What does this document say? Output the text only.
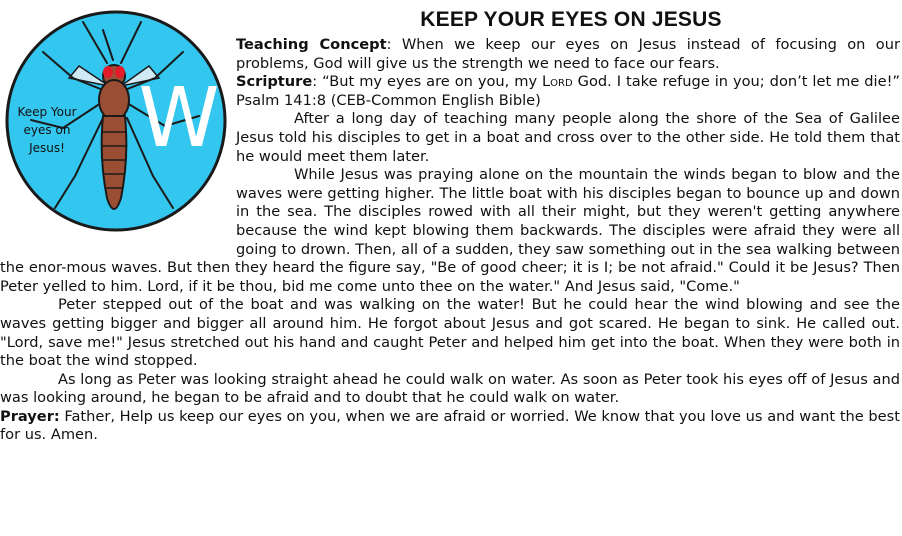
KEEP YOUR EYES ON JESUS
W
Keep Your
eyes on
Jesus!

Teaching Concept: When we keep our eyes on Jesus instead of focusing on our problems, God will give us the strength we need to face our fears.

Scripture: “But my eyes are on you, my Lord God. I take refuge in you; don’t let me die!” Psalm 141:8 (CEB-Common English Bible)

After a long day of teaching many people along the shore of the Sea of Galilee Jesus told his disciples to get in a boat and cross over to the other side. He told them that he would meet them later.

While Jesus was praying alone on the mountain the winds began to blow and the waves were getting higher. The little boat with his disciples began to bounce up and down in the sea. The disciples rowed with all their might, but they weren't getting anywhere because the wind kept blowing them backwards. The disciples were afraid they were all going to drown. Then, all of a sudden, they saw something out in the sea walking between the enor-mous waves. But then they heard the figure say, "Be of good cheer; it is I; be not afraid." Could it be Jesus? Then Peter yelled to him. Lord, if it be thou, bid me come unto thee on the water." And Jesus said, "Come."

Peter stepped out of the boat and was walking on the water! But he could hear the wind blowing and see the waves getting bigger and bigger all around him. He forgot about Jesus and got scared. He began to sink. He called out. "Lord, save me!" Jesus stretched out his hand and caught Peter and helped him get into the boat. When they were both in the boat the wind stopped.

As long as Peter was looking straight ahead he could walk on water. As soon as Peter took his eyes off of Jesus and was looking around, he began to be afraid and to doubt that he could walk on water.

Prayer: Father, Help us keep our eyes on you, when we are afraid or worried. We know that you love us and want the best for us. Amen.
